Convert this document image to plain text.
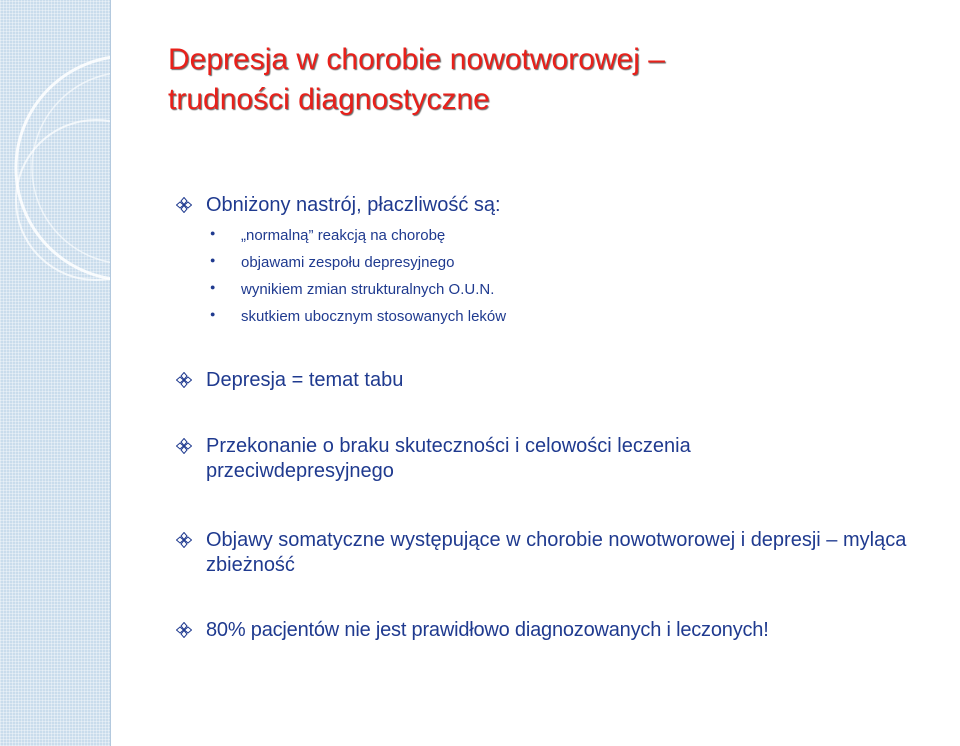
Depresja w chorobie nowotworowej –
trudności diagnostyczne
Obniżony nastrój, płaczliwość są:
●	„normalną” reakcją na chorobę
●	objawami zespołu depresyjnego
●	wynikiem zmian strukturalnych O.U.N.
●	skutkiem ubocznym stosowanych leków
Depresja = temat tabu
Przekonanie o braku skuteczności i celowości leczenia przeciwdepresyjnego
Objawy somatyczne występujące w chorobie nowotworowej i depresji – myląca zbieżność
80% pacjentów nie jest prawidłowo diagnozowanych i leczonych!
